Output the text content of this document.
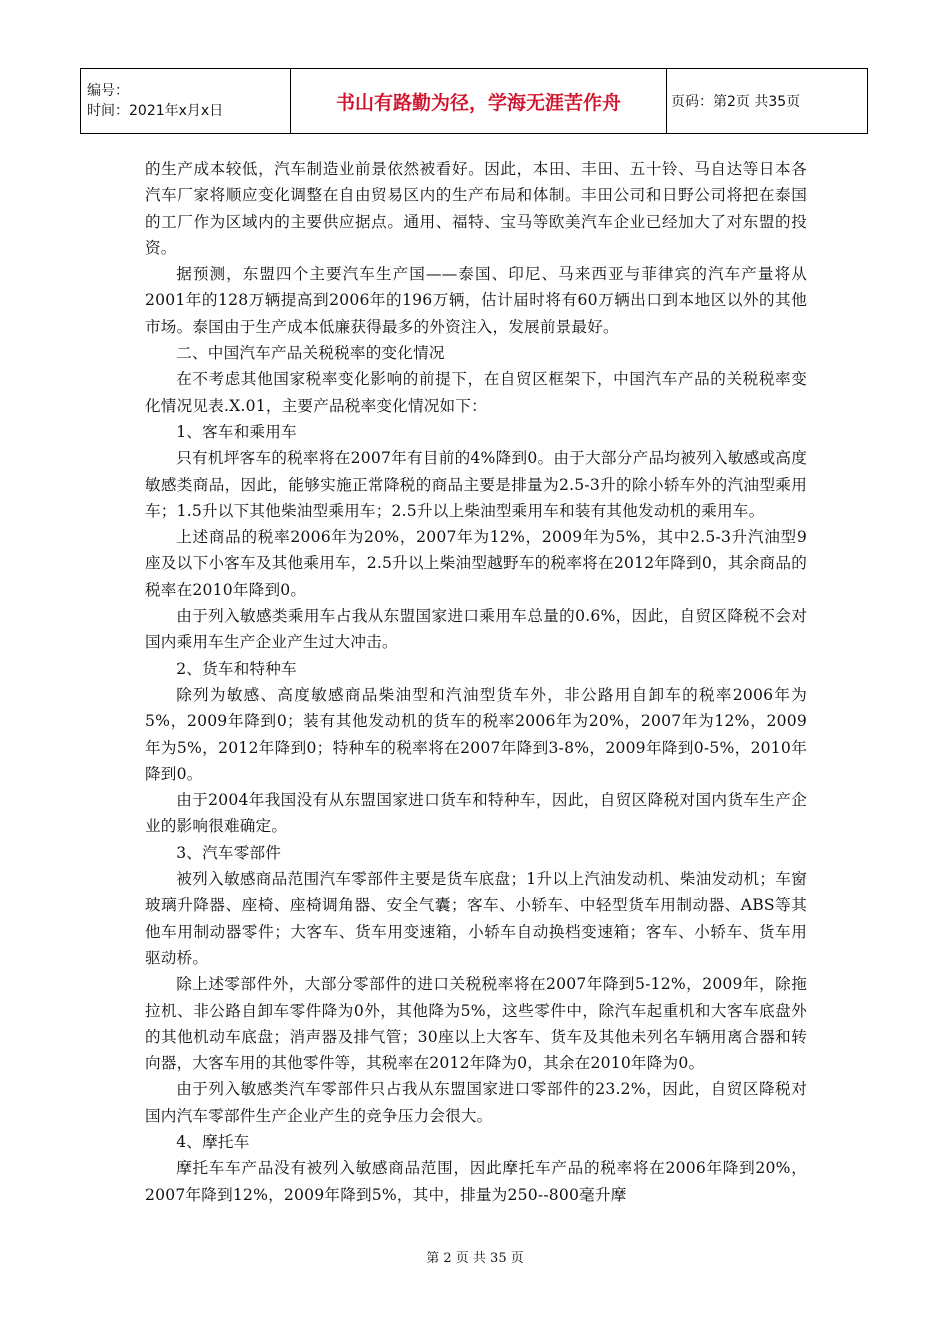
编号：
时间：2021年x月x日	书山有路勤为径，学海无涯苦作舟	页码：第2页 共35页

的生产成本较低，汽车制造业前景依然被看好。因此，本田、丰田、五十铃、马自达等日本各汽车厂家将顺应变化调整在自由贸易区内的生产布局和体制。丰田公司和日野公司将把在泰国的工厂作为区域内的主要供应据点。通用、福特、宝马等欧美汽车企业已经加大了对东盟的投资。

据预测，东盟四个主要汽车生产国——泰国、印尼、马来西亚与菲律宾的汽车产量将从2001年的128万辆提高到2006年的196万辆，估计届时将有60万辆出口到本地区以外的其他市场。泰国由于生产成本低廉获得最多的外资注入，发展前景最好。

二、中国汽车产品关税税率的变化情况

在不考虑其他国家税率变化影响的前提下，在自贸区框架下，中国汽车产品的关税税率变化情况见表.X.01，主要产品税率变化情况如下：

1、客车和乘用车

只有机坪客车的税率将在2007年有目前的4%降到0。由于大部分产品均被列入敏感或高度敏感类商品，因此，能够实施正常降税的商品主要是排量为2.5-3升的除小轿车外的汽油型乘用车；1.5升以下其他柴油型乘用车；2.5升以上柴油型乘用车和装有其他发动机的乘用车。

上述商品的税率2006年为20%，2007年为12%，2009年为5%，其中2.5-3升汽油型9座及以下小客车及其他乘用车，2.5升以上柴油型越野车的税率将在2012年降到0，其余商品的税率在2010年降到0。

由于列入敏感类乘用车占我从东盟国家进口乘用车总量的0.6%，因此，自贸区降税不会对国内乘用车生产企业产生过大冲击。

2、货车和特种车

除列为敏感、高度敏感商品柴油型和汽油型货车外，非公路用自卸车的税率2006年为5%，2009年降到0；装有其他发动机的货车的税率2006年为20%，2007年为12%，2009年为5%，2012年降到0；特种车的税率将在2007年降到3-8%，2009年降到0-5%，2010年降到0。

由于2004年我国没有从东盟国家进口货车和特种车，因此，自贸区降税对国内货车生产企业的影响很难确定。

3、汽车零部件

被列入敏感商品范围汽车零部件主要是货车底盘；1升以上汽油发动机、柴油发动机；车窗玻璃升降器、座椅、座椅调角器、安全气囊；客车、小轿车、中轻型货车用制动器、ABS等其他车用制动器零件；大客车、货车用变速箱，小轿车自动换档变速箱；客车、小轿车、货车用驱动桥。

除上述零部件外，大部分零部件的进口关税税率将在2007年降到5-12%，2009年，除拖拉机、非公路自卸车零件降为0外，其他降为5%，这些零件中，除汽车起重机和大客车底盘外的其他机动车底盘；消声器及排气管；30座以上大客车、货车及其他未列名车辆用离合器和转向器，大客车用的其他零件等，其税率在2012年降为0，其余在2010年降为0。

由于列入敏感类汽车零部件只占我从东盟国家进口零部件的23.2%，因此，自贸区降税对国内汽车零部件生产企业产生的竞争压力会很大。

4、摩托车

摩托车车产品没有被列入敏感商品范围，因此摩托车产品的税率将在2006年降到20%，2007年降到12%，2009年降到5%，其中，排量为250--800毫升摩

第 2 页 共 35 页
